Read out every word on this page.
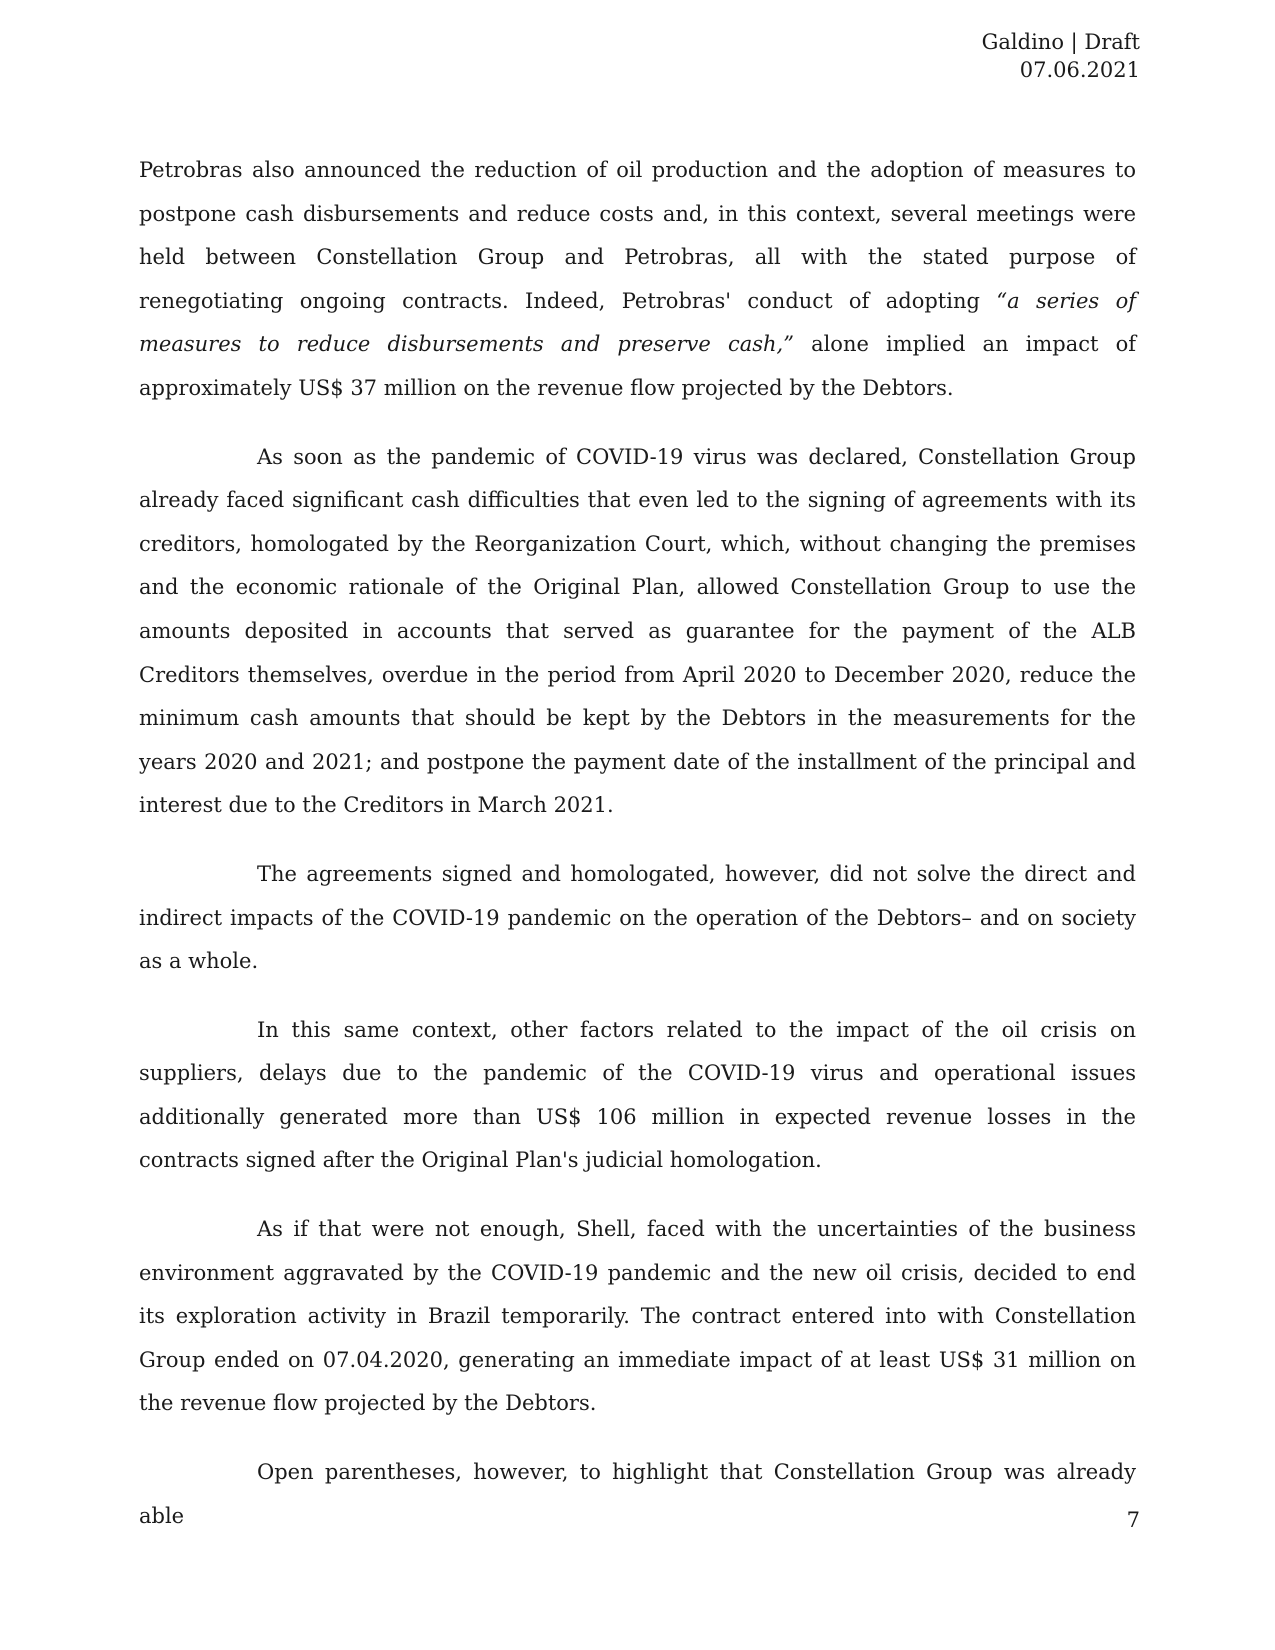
Galdino | Draft
07.06.2021

Petrobras also announced the reduction of oil production and the adoption of measures to postpone cash disbursements and reduce costs and, in this context, several meetings were held between Constellation Group and Petrobras, all with the stated purpose of renegotiating ongoing contracts. Indeed, Petrobras' conduct of adopting “a series of measures to reduce disbursements and preserve cash,” alone implied an impact of approximately US$ 37 million on the revenue flow projected by the Debtors.

As soon as the pandemic of COVID-19 virus was declared, Constellation Group already faced significant cash difficulties that even led to the signing of agreements with its creditors, homologated by the Reorganization Court, which, without changing the premises and the economic rationale of the Original Plan, allowed Constellation Group to use the amounts deposited in accounts that served as guarantee for the payment of the ALB Creditors themselves, overdue in the period from April 2020 to December 2020, reduce the minimum cash amounts that should be kept by the Debtors in the measurements for the years 2020 and 2021; and postpone the payment date of the installment of the principal and interest due to the Creditors in March 2021.

The agreements signed and homologated, however, did not solve the direct and indirect impacts of the COVID-19 pandemic on the operation of the Debtors– and on society as a whole.

In this same context, other factors related to the impact of the oil crisis on suppliers, delays due to the pandemic of the COVID-19 virus and operational issues additionally generated more than US$ 106 million in expected revenue losses in the contracts signed after the Original Plan's judicial homologation.

As if that were not enough, Shell, faced with the uncertainties of the business environment aggravated by the COVID-19 pandemic and the new oil crisis, decided to end its exploration activity in Brazil temporarily. The contract entered into with Constellation Group ended on 07.04.2020, generating an immediate impact of at least US$ 31 million on the revenue flow projected by the Debtors.

Open parentheses, however, to highlight that Constellation Group was already able	7
